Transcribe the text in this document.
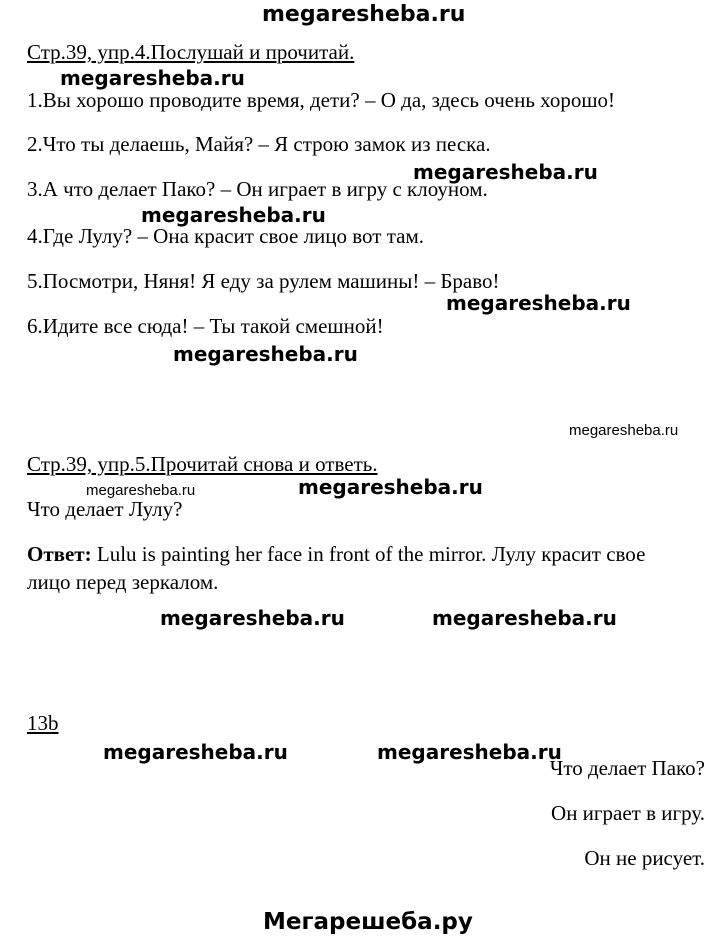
megaresheba.ru
Стр.39, упр.4.Послушай и прочитай.
megaresheba.ru
1.Вы хорошо проводите время, дети? – О да, здесь очень хорошо!
2.Что ты делаешь, Майя? – Я строю замок из песка.
megaresheba.ru
3.А что делает Пако? – Он играет в игру с клоуном.
megaresheba.ru
4.Где Лулу? – Она красит свое лицо вот там.
5.Посмотри, Няня! Я еду за рулем машины! – Браво!
megaresheba.ru
6.Идите все сюда! – Ты такой смешной!
megaresheba.ru
megaresheba.ru
Стр.39, упр.5.Прочитай снова и ответь.
megaresheba.ru	megaresheba.ru
Что делает Лулу?
Ответ: Lulu is painting her face in front of the mirror. Лулу красит свое
лицо перед зеркалом.
megaresheba.ru	megaresheba.ru
13b
megaresheba.ru	megaresheba.ru
Что делает Пако?
Он играет в игру.
Он не рисует.
Мегарешеба.ру
